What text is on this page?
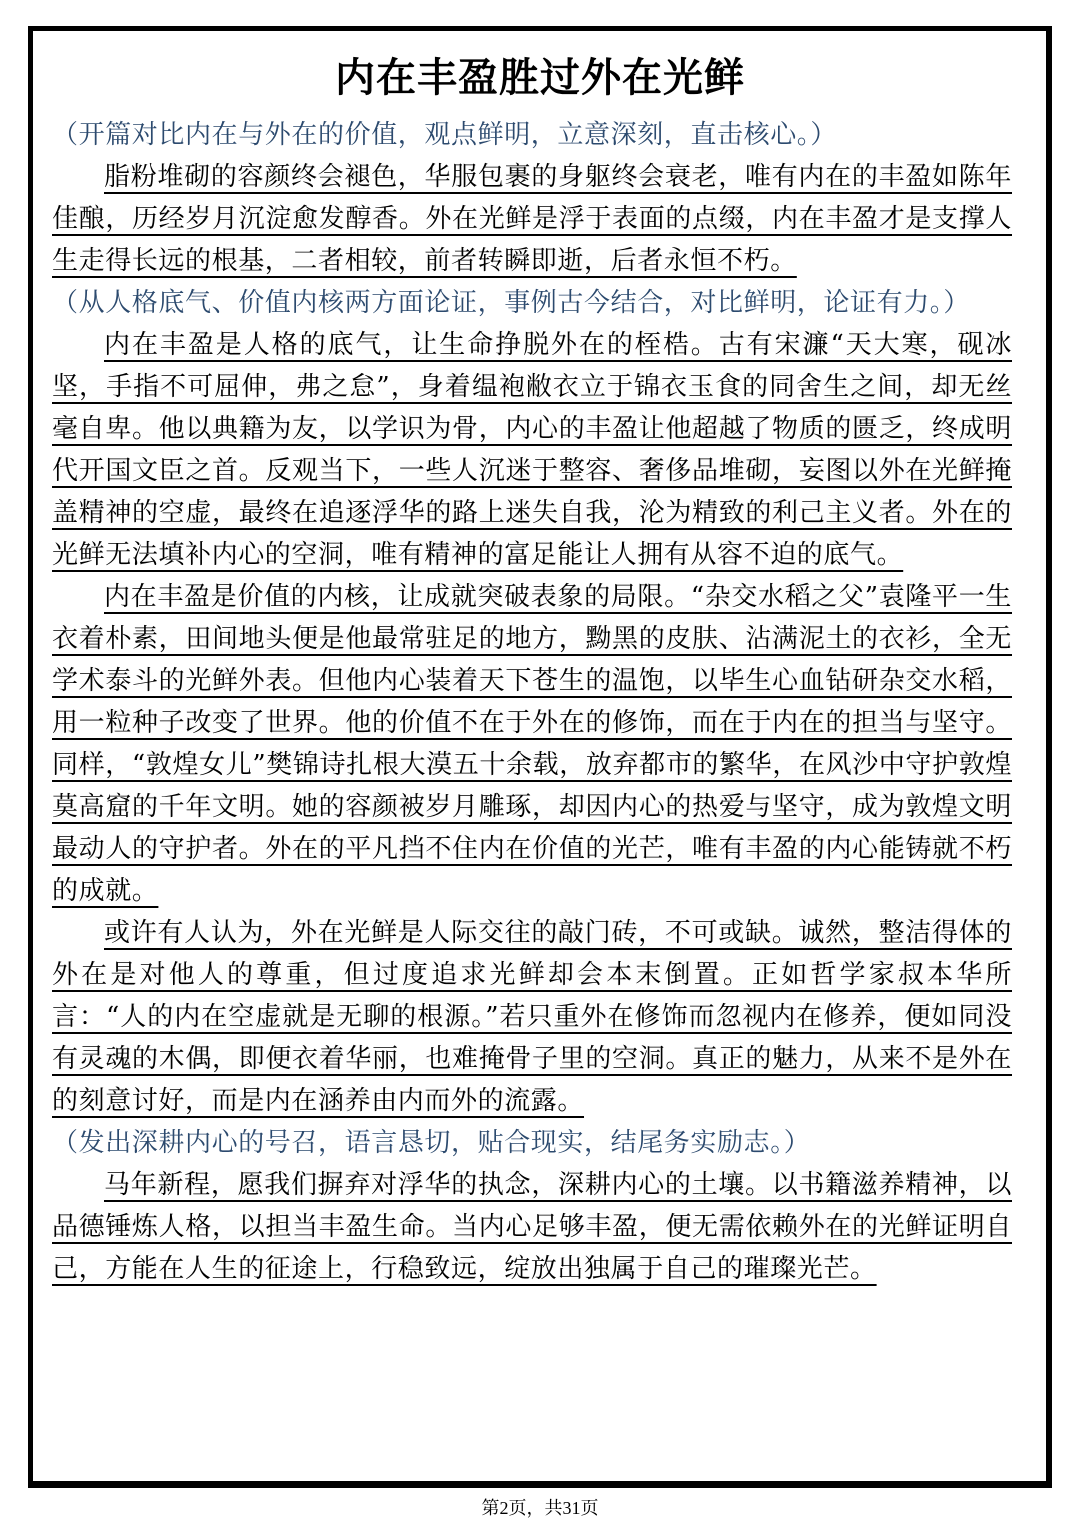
内在丰盈胜过外在光鲜

（开篇对比内在与外在的价值，观点鲜明，立意深刻，直击核心。）

脂粉堆砌的容颜终会褪色，华服包裹的身躯终会衰老，唯有内在的丰盈如陈年佳酿，历经岁月沉淀愈发醇香。外在光鲜是浮于表面的点缀，内在丰盈才是支撑人生走得长远的根基，二者相较，前者转瞬即逝，后者永恒不朽。

（从人格底气、价值内核两方面论证，事例古今结合，对比鲜明，论证有力。）

内在丰盈是人格的底气，让生命挣脱外在的桎梏。古有宋濂“天大寒，砚冰坚，手指不可屈伸，弗之怠”，身着缊袍敝衣立于锦衣玉食的同舍生之间，却无丝毫自卑。他以典籍为友，以学识为骨，内心的丰盈让他超越了物质的匮乏，终成明代开国文臣之首。反观当下，一些人沉迷于整容、奢侈品堆砌，妄图以外在光鲜掩盖精神的空虚，最终在追逐浮华的路上迷失自我，沦为精致的利己主义者。外在的光鲜无法填补内心的空洞，唯有精神的富足能让人拥有从容不迫的底气。

内在丰盈是价值的内核，让成就突破表象的局限。“杂交水稻之父”袁隆平一生衣着朴素，田间地头便是他最常驻足的地方，黝黑的皮肤、沾满泥土的衣衫，全无学术泰斗的光鲜外表。但他内心装着天下苍生的温饱，以毕生心血钻研杂交水稻，用一粒种子改变了世界。他的价值不在于外在的修饰，而在于内在的担当与坚守。同样，“敦煌女儿”樊锦诗扎根大漠五十余载，放弃都市的繁华，在风沙中守护敦煌莫高窟的千年文明。她的容颜被岁月雕琢，却因内心的热爱与坚守，成为敦煌文明最动人的守护者。外在的平凡挡不住内在价值的光芒，唯有丰盈的内心能铸就不朽的成就。

或许有人认为，外在光鲜是人际交往的敲门砖，不可或缺。诚然，整洁得体的外在是对他人的尊重，但过度追求光鲜却会本末倒置。正如哲学家叔本华所言：“人的内在空虚就是无聊的根源。”若只重外在修饰而忽视内在修养，便如同没有灵魂的木偶，即便衣着华丽，也难掩骨子里的空洞。真正的魅力，从来不是外在的刻意讨好，而是内在涵养由内而外的流露。

（发出深耕内心的号召，语言恳切，贴合现实，结尾务实励志。）

马年新程，愿我们摒弃对浮华的执念，深耕内心的土壤。以书籍滋养精神，以品德锤炼人格，以担当丰盈生命。当内心足够丰盈，便无需依赖外在的光鲜证明自己，方能在人生的征途上，行稳致远，绽放出独属于自己的璀璨光芒。

第2页，共31页
